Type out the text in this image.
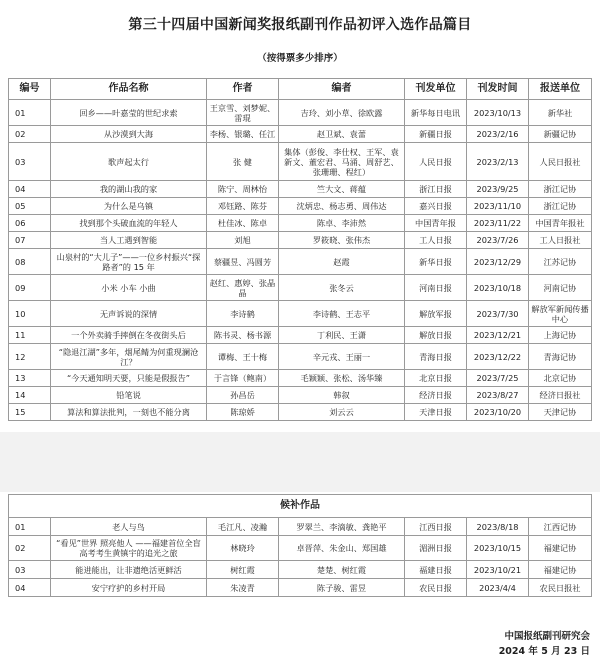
第三十四届中国新闻奖报纸副刊作品初评入选作品篇目
（按得票多少排序）
编号	作品名称	作者	编者	刊发单位	刊发时间	报送单位
01	回乡——叶嘉莹的世纪求索	王京雪、刘梦妮、雷琨	吉玲、刘小草、徐欧露	新华每日电讯	2023/10/13	新华社
02	从沙漠到大海	李杨、银璐、任江	赵卫斌、袁蕾	新疆日报	2023/2/16	新疆记协
03	歌声起太行	张 健	集体（彭俊、李仕权、王军、袁新文、董宏君、马涌、周舒艺、张珊珊、程红）	人民日报	2023/2/13	人民日报社
04	我的湖山我的家	陈宁、周林怡	竺大文、蒋蕴	浙江日报	2023/9/25	浙江记协
05	为什么是乌镇	邓钰路、陈芬	沈炳忠、杨志勇、周伟达	嘉兴日报	2023/11/10	浙江记协
06	找到那个头破血流的年轻人	杜佳冰、陈卓	陈卓、李沛然	中国青年报	2023/11/22	中国青年报社
07	当人工遇到智能	刘旭	罗筱晓、张伟杰	工人日报	2023/7/26	工人日报社
08	山泉村的“大儿子”——一位乡村振兴“探路者”的 15 年	蔡疆昱、冯圆芳	赵霞	新华日报	2023/12/29	江苏记协
09	小米 小车 小曲	赵红、惠婷、张晶晶	张冬云	河南日报	2023/10/18	河南记协
10	无声诉说的深情	李诗鹤	李诗鹤、王志平	解放军报	2023/7/30	解放军新闻传播中心
11	一个外卖骑手摔倒在冬夜街头后	陈书灵、杨书源	丁利民、王潇	解放日报	2023/12/21	上海记协
12	“隐退江湖”多年，烟尾鲭为何重现澜沧江？	谭梅、王十梅	辛元戎、王丽一	青海日报	2023/12/22	青海记协
13	“今天通知明天要，只能是假报告”	于言锋（鲍南）	毛颖颖、张松、汤华臻	北京日报	2023/7/25	北京记协
14	铅笔说	孙昌岳	韩叙	经济日报	2023/8/27	经济日报社
15	算法和算法批判，一刻也不能分离	陈琼娇	刘云云	天津日报	2023/10/20	天津记协
候补作品						
01	老人与鸟	毛江凡、凌瀚	罗翠兰、李滴敏、龚艳平	江西日报	2023/8/18	江西记协
02	“看见”世界 照亮他人 ——福建首位全盲高考考生黄镇宇的追光之旅	林晓玲	卓晋萍、朱金山、郑国雄	湄洲日报	2023/10/15	福建记协
03	能进能出，让非遗绝活更鲜活	树红霞	楚楚、树红霞	福建日报	2023/10/21	福建记协
04	安宁疗护的乡村开局	朱凌青	陈子骏、雷昱	农民日报	2023/4/4	农民日报社
中国报纸副刊研究会
2024 年 5 月 23 日
